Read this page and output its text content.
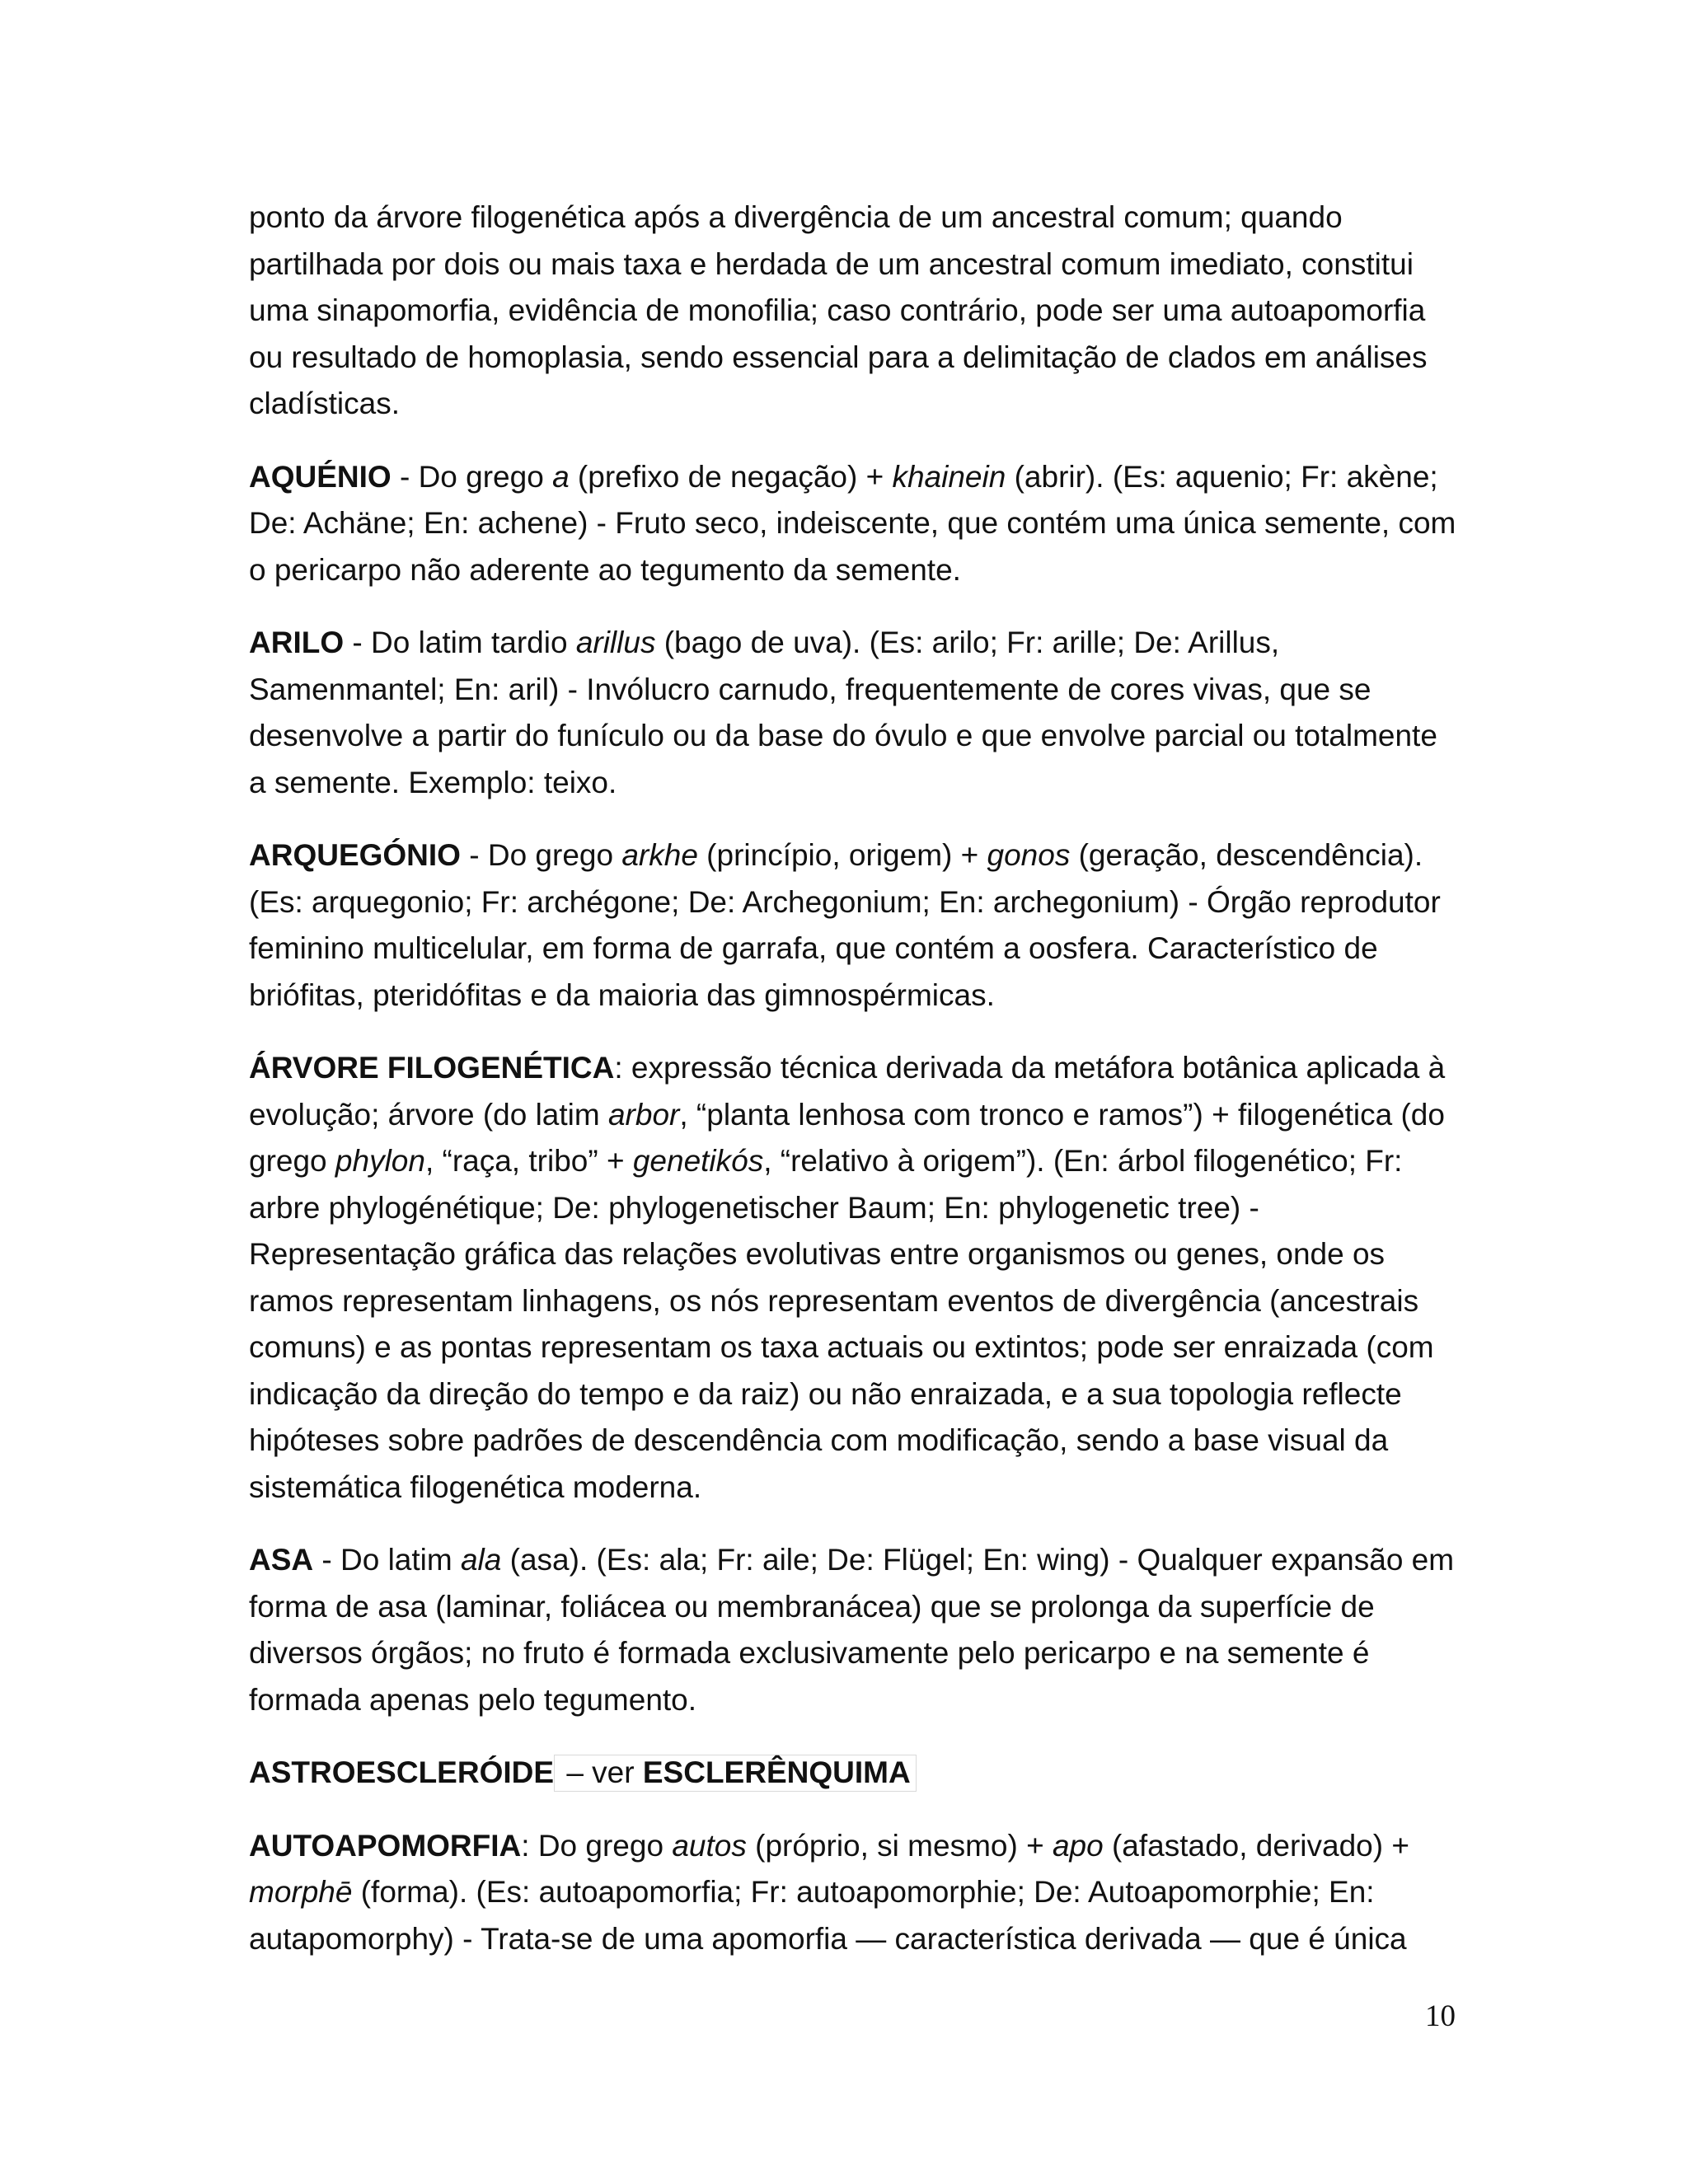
ponto da árvore filogenética após a divergência de um ancestral comum; quando partilhada por dois ou mais taxa e herdada de um ancestral comum imediato, constitui uma sinapomorfia, evidência de monofilia; caso contrário, pode ser uma autoapomorfia ou resultado de homoplasia, sendo essencial para a delimitação de clados em análises cladísticas.

AQUÉNIO - Do grego a (prefixo de negação) + khainein (abrir). (Es: aquenio; Fr: akène; De: Achäne; En: achene) - Fruto seco, indeiscente, que contém uma única semente, com o pericarpo não aderente ao tegumento da semente.

ARILO - Do latim tardio arillus (bago de uva). (Es: arilo; Fr: arille; De: Arillus, Samenmantel; En: aril) - Invólucro carnudo, frequentemente de cores vivas, que se desenvolve a partir do funículo ou da base do óvulo e que envolve parcial ou totalmente a semente. Exemplo: teixo.

ARQUEGÓNIO - Do grego arkhe (princípio, origem) + gonos (geração, descendência). (Es: arquegonio; Fr: archégone; De: Archegonium; En: archegonium) - Órgão reprodutor feminino multicelular, em forma de garrafa, que contém a oosfera. Característico de briófitas, pteridófitas e da maioria das gimnospérmicas.

ÁRVORE FILOGENÉTICA: expressão técnica derivada da metáfora botânica aplicada à evolução; árvore (do latim arbor, “planta lenhosa com tronco e ramos”) + filogenética (do grego phylon, “raça, tribo” + genetikós, “relativo à origem”). (En: árbol filogenético; Fr: arbre phylogénétique; De: phylogenetischer Baum; En: phylogenetic tree) - Representação gráfica das relações evolutivas entre organismos ou genes, onde os ramos representam linhagens, os nós representam eventos de divergência (ancestrais comuns) e as pontas representam os taxa actuais ou extintos; pode ser enraizada (com indicação da direção do tempo e da raiz) ou não enraizada, e a sua topologia reflecte hipóteses sobre padrões de descendência com modificação, sendo a base visual da sistemática filogenética moderna.

ASA - Do latim ala (asa). (Es: ala; Fr: aile; De: Flügel; En: wing) - Qualquer expansão em forma de asa (laminar, foliácea ou membranácea) que se prolonga da superfície de diversos órgãos; no fruto é formada exclusivamente pelo pericarpo e na semente é formada apenas pelo tegumento.

ASTROESCLERÓIDE – ver ESCLERÊNQUIMA

AUTOAPOMORFIA: Do grego autos (próprio, si mesmo) + apo (afastado, derivado) + morphē (forma). (Es: autoapomorfia; Fr: autoapomorphie; De: Autoapomorphie; En: autapomorphy) - Trata-se de uma apomorfia — característica derivada — que é única

10
